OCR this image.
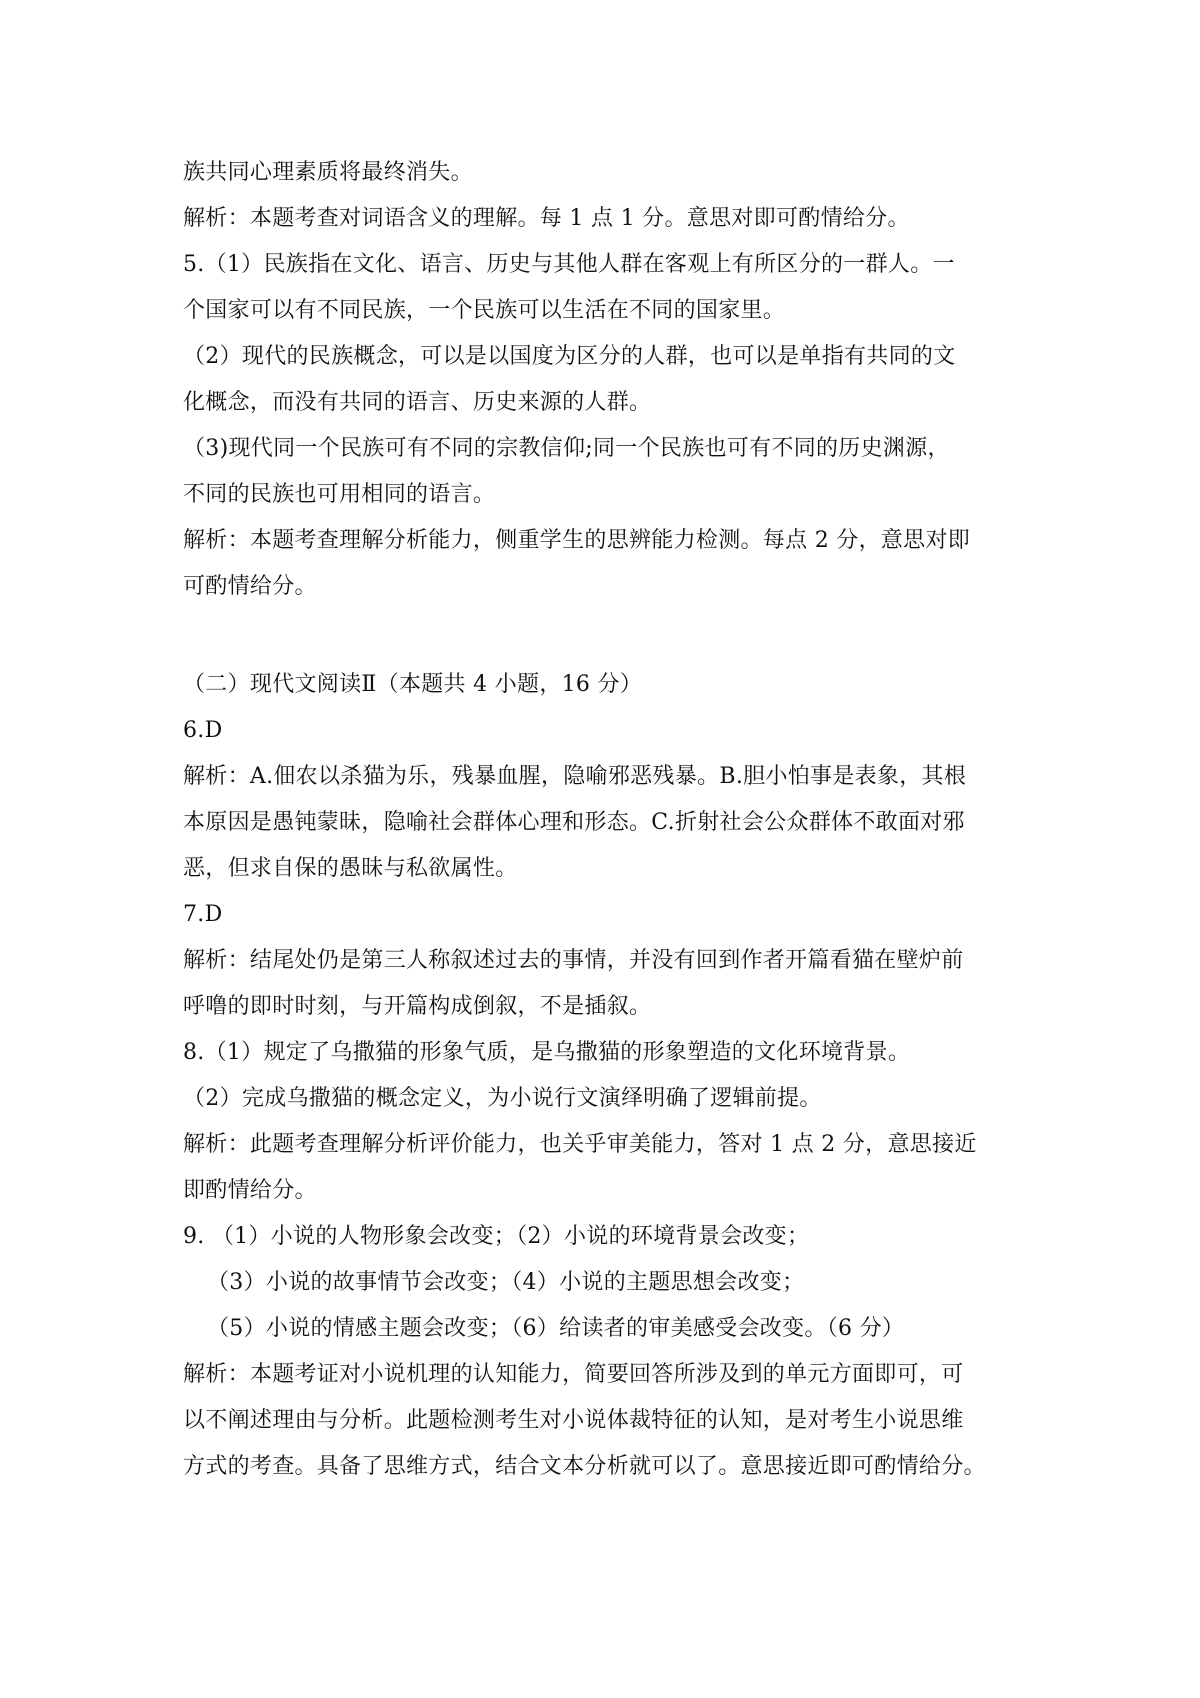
族共同心理素质将最终消失。
解析：本题考查对词语含义的理解。每 1 点 1 分。意思对即可酌情给分。
5.（1）民族指在文化、语言、历史与其他人群在客观上有所区分的一群人。一
个国家可以有不同民族，一个民族可以生活在不同的国家里。
（2）现代的民族概念，可以是以国度为区分的人群，也可以是单指有共同的文
化概念，而没有共同的语言、历史来源的人群。
（3)现代同一个民族可有不同的宗教信仰;同一个民族也可有不同的历史渊源，
不同的民族也可用相同的语言。
解析：本题考查理解分析能力，侧重学生的思辨能力检测。每点 2 分，意思对即
可酌情给分。
（二）现代文阅读Ⅱ（本题共 4 小题，16 分）
6.D
解析：A.佃农以杀猫为乐，残暴血腥，隐喻邪恶残暴。B.胆小怕事是表象，其根
本原因是愚钝蒙昧，隐喻社会群体心理和形态。C.折射社会公众群体不敢面对邪
恶，但求自保的愚昧与私欲属性。
7.D
解析：结尾处仍是第三人称叙述过去的事情，并没有回到作者开篇看猫在壁炉前
呼噜的即时时刻，与开篇构成倒叙，不是插叙。
8.（1）规定了乌撒猫的形象气质，是乌撒猫的形象塑造的文化环境背景。
（2）完成乌撒猫的概念定义，为小说行文演绎明确了逻辑前提。
解析：此题考查理解分析评价能力，也关乎审美能力，答对 1 点 2 分，意思接近
即酌情给分。
9. （1）小说的人物形象会改变；（2）小说的环境背景会改变；
（3）小说的故事情节会改变；（4）小说的主题思想会改变；
（5）小说的情感主题会改变；（6）给读者的审美感受会改变。（6 分）
解析：本题考证对小说机理的认知能力，简要回答所涉及到的单元方面即可，可
以不阐述理由与分析。此题检测考生对小说体裁特征的认知，是对考生小说思维
方式的考查。具备了思维方式，结合文本分析就可以了。意思接近即可酌情给分。
